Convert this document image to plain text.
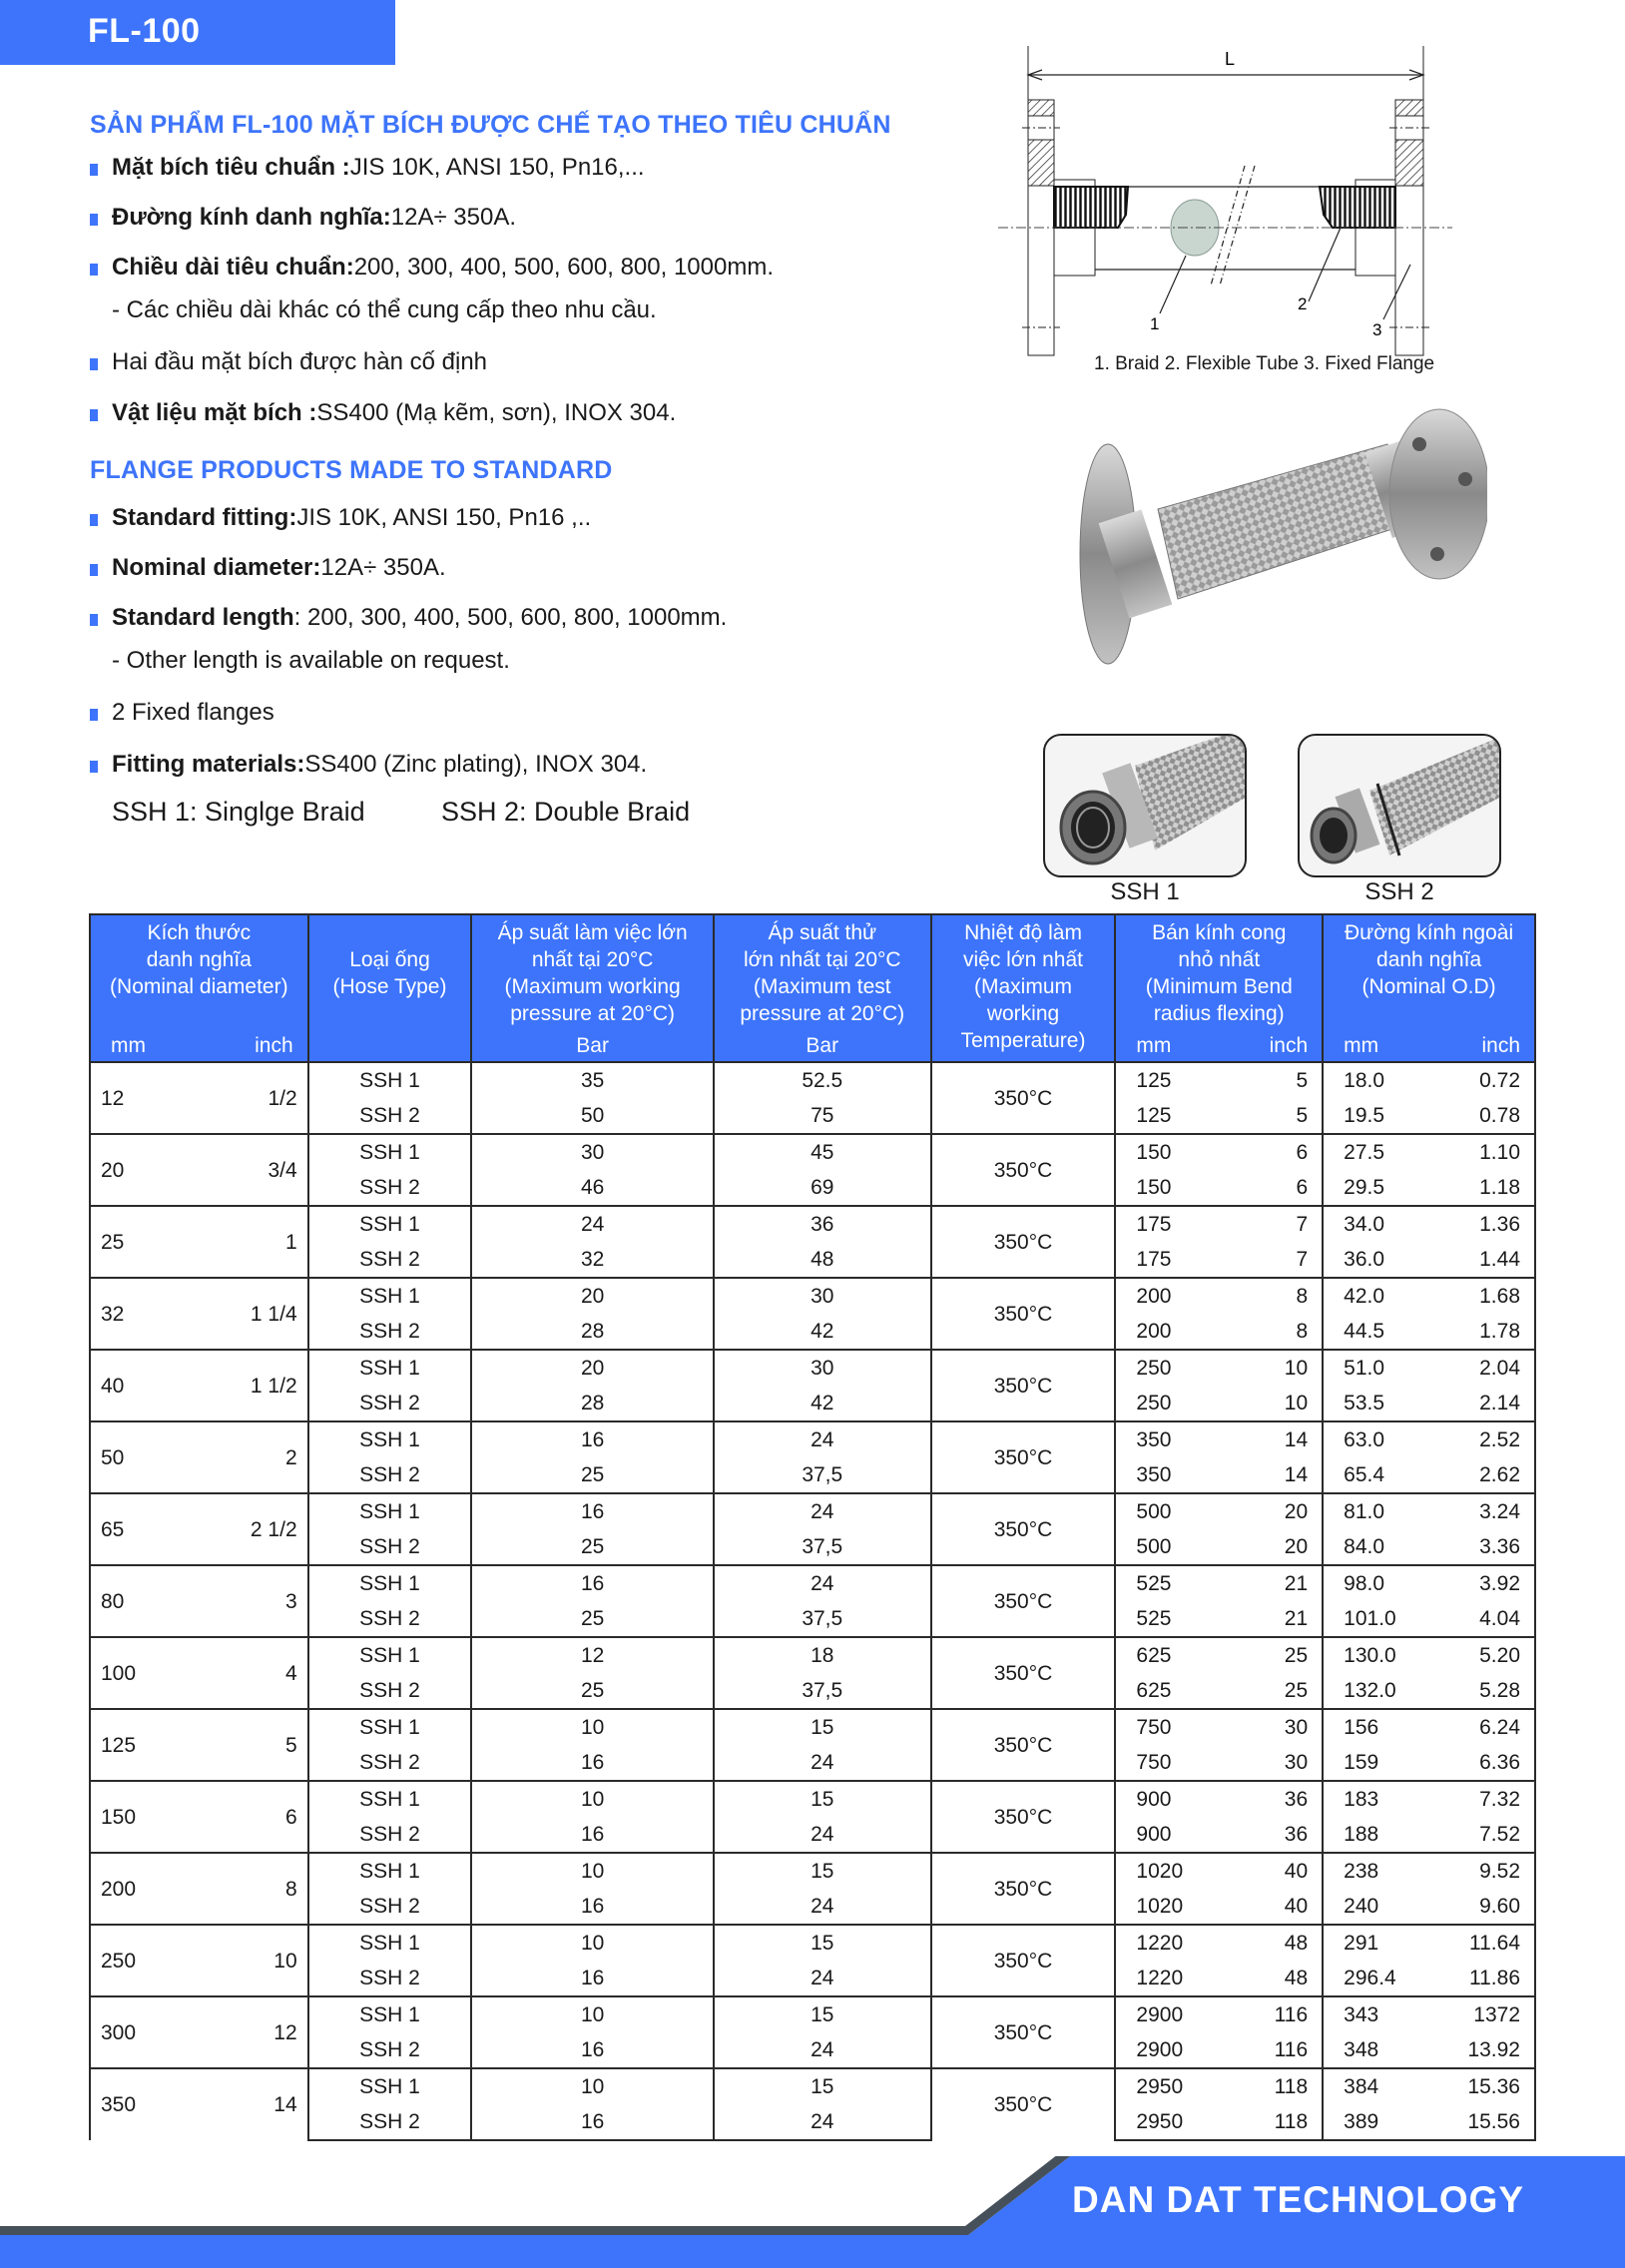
FL-100
SẢN PHẨM FL-100 MẶT BÍCH ĐƯỢC CHẾ TẠO THEO TIÊU CHUẨN
Mặt bích tiêu chuẩn : JIS 10K, ANSI 150, Pn16,...
Đường kính danh nghĩa: 12A÷ 350A.
Chiều dài tiêu chuẩn: 200, 300, 400, 500, 600, 800, 1000mm.
- Các chiều dài khác có thể cung cấp theo nhu cầu.
Hai đầu mặt bích được hàn cố định
Vật liệu mặt bích : SS400 (Mạ kẽm, sơn), INOX 304.
FLANGE PRODUCTS MADE TO STANDARD
Standard fitting: JIS 10K, ANSI 150, Pn16 ,..
Nominal diameter: 12A÷ 350A.
Standard length : 200, 300, 400, 500, 600, 800, 1000mm.
- Other length is available on request.
2 Fixed flanges
Fitting materials: SS400 (Zinc plating), INOX 304.
SSH 1: Singlge Braid	SSH 2: Double Braid
L
1
2
3
1. Braid 2. Flexible Tube 3. Fixed Flange
SSH 1	SSH 2
Kích thước
danh nghĩa
(Nominal diameter)
mm	inch

Loại ống
(Hose Type)

Áp suất làm việc lớn
nhất tại 20°C
(Maximum working
pressure at 20°C)
Bar

Áp suất thử
lớn nhất tại 20°C
(Maximum test
pressure at 20°C)
Bar

Nhiệt độ làm
việc lớn nhất
(Maximum
working
Temperature)

Bán kính cong
nhỏ nhất
(Minimum Bend
radius flexing)
mm	inch

Đường kính ngoài
danh nghĩa
(Nominal O.D)
mm	inch

12 1/2	SSH 1	35	52.5	350°C	125 5	18.0 0.72

	SSH 2	50	75		125 5	19.5 0.78

20 3/4	SSH 1	30	45	350°C	150 6	27.5 1.10

	SSH 2	46	69		150 6	29.5 1.18

25 1	SSH 1	24	36	350°C	175 7	34.0 1.36

	SSH 2	32	48		175 7	36.0 1.44

32 1 1/4	SSH 1	20	30	350°C	200 8	42.0 1.68

	SSH 2	28	42		200 8	44.5 1.78

40 1 1/2	SSH 1	20	30	350°C	250 10	51.0 2.04

	SSH 2	28	42		250 10	53.5 2.14

50 2	SSH 1	16	24	350°C	350 14	63.0 2.52

	SSH 2	25	37,5		350 14	65.4 2.62

65 2 1/2	SSH 1	16	24	350°C	500 20	81.0 3.24

	SSH 2	25	37,5		500 20	84.0 3.36

80 3	SSH 1	16	24	350°C	525 21	98.0 3.92

	SSH 2	25	37,5		525 21	101.0 4.04

100 4	SSH 1	12	18	350°C	625 25	130.0 5.20

	SSH 2	25	37,5		625 25	132.0 5.28

125 5	SSH 1	10	15	350°C	750 30	156 6.24

	SSH 2	16	24		750 30	159 6.36

150 6	SSH 1	10	15	350°C	900 36	183 7.32

	SSH 2	16	24		900 36	188 7.52

200 8	SSH 1	10	15	350°C	1020 40	238 9.52

	SSH 2	16	24		1020 40	240 9.60

250 10	SSH 1	10	15	350°C	1220 48	291 11.64

	SSH 2	16	24		1220 48	296.4 11.86

300 12	SSH 1	10	15	350°C	2900 116	343 1372

	SSH 2	16	24		2900 116	348 13.92

350 14	SSH 1	10	15	350°C	2950 118	384 15.36

	SSH 2	16	24		2950 118	389 15.56
DAN DAT TECHNOLOGY
